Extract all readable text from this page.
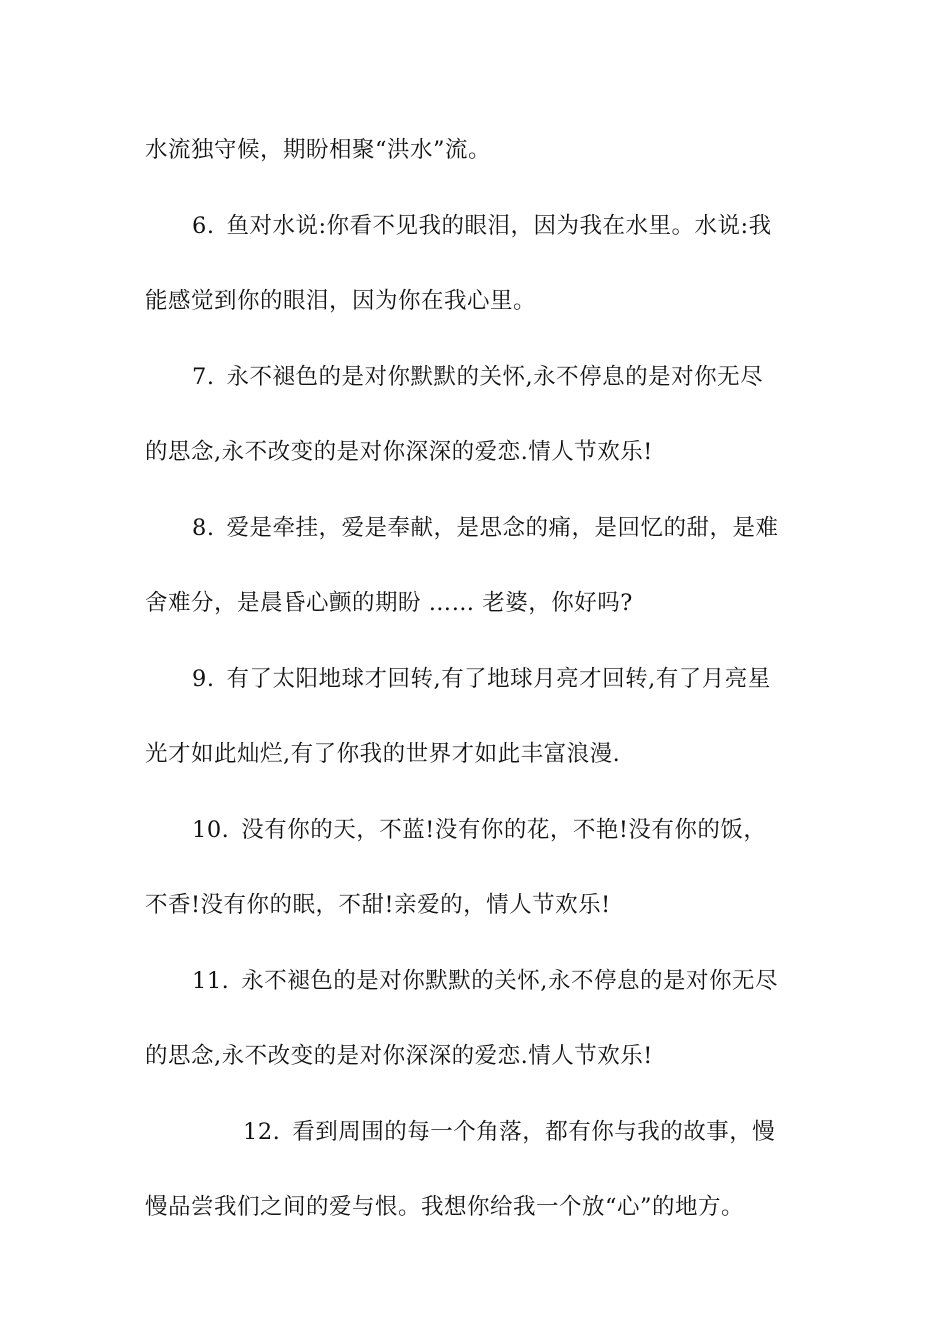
水流独守候，期盼相聚“洪水”流。
6. 鱼对水说:你看不见我的眼泪，因为我在水里。水说:我
能感觉到你的眼泪，因为你在我心里。
7. 永不褪色的是对你默默的关怀,永不停息的是对你无尽
的思念,永不改变的是对你深深的爱恋.情人节欢乐!
8. 爱是牵挂，爱是奉献，是思念的痛，是回忆的甜，是难
舍难分，是晨昏心颤的期盼 …… 老婆，你好吗?
9. 有了太阳地球才回转,有了地球月亮才回转,有了月亮星
光才如此灿烂,有了你我的世界才如此丰富浪漫.
10. 没有你的天，不蓝!没有你的花，不艳!没有你的饭，
不香!没有你的眠，不甜!亲爱的，情人节欢乐!
11. 永不褪色的是对你默默的关怀,永不停息的是对你无尽
的思念,永不改变的是对你深深的爱恋.情人节欢乐!
12. 看到周围的每一个角落，都有你与我的故事，慢
慢品尝我们之间的爱与恨。我想你给我一个放“心”的地方。
